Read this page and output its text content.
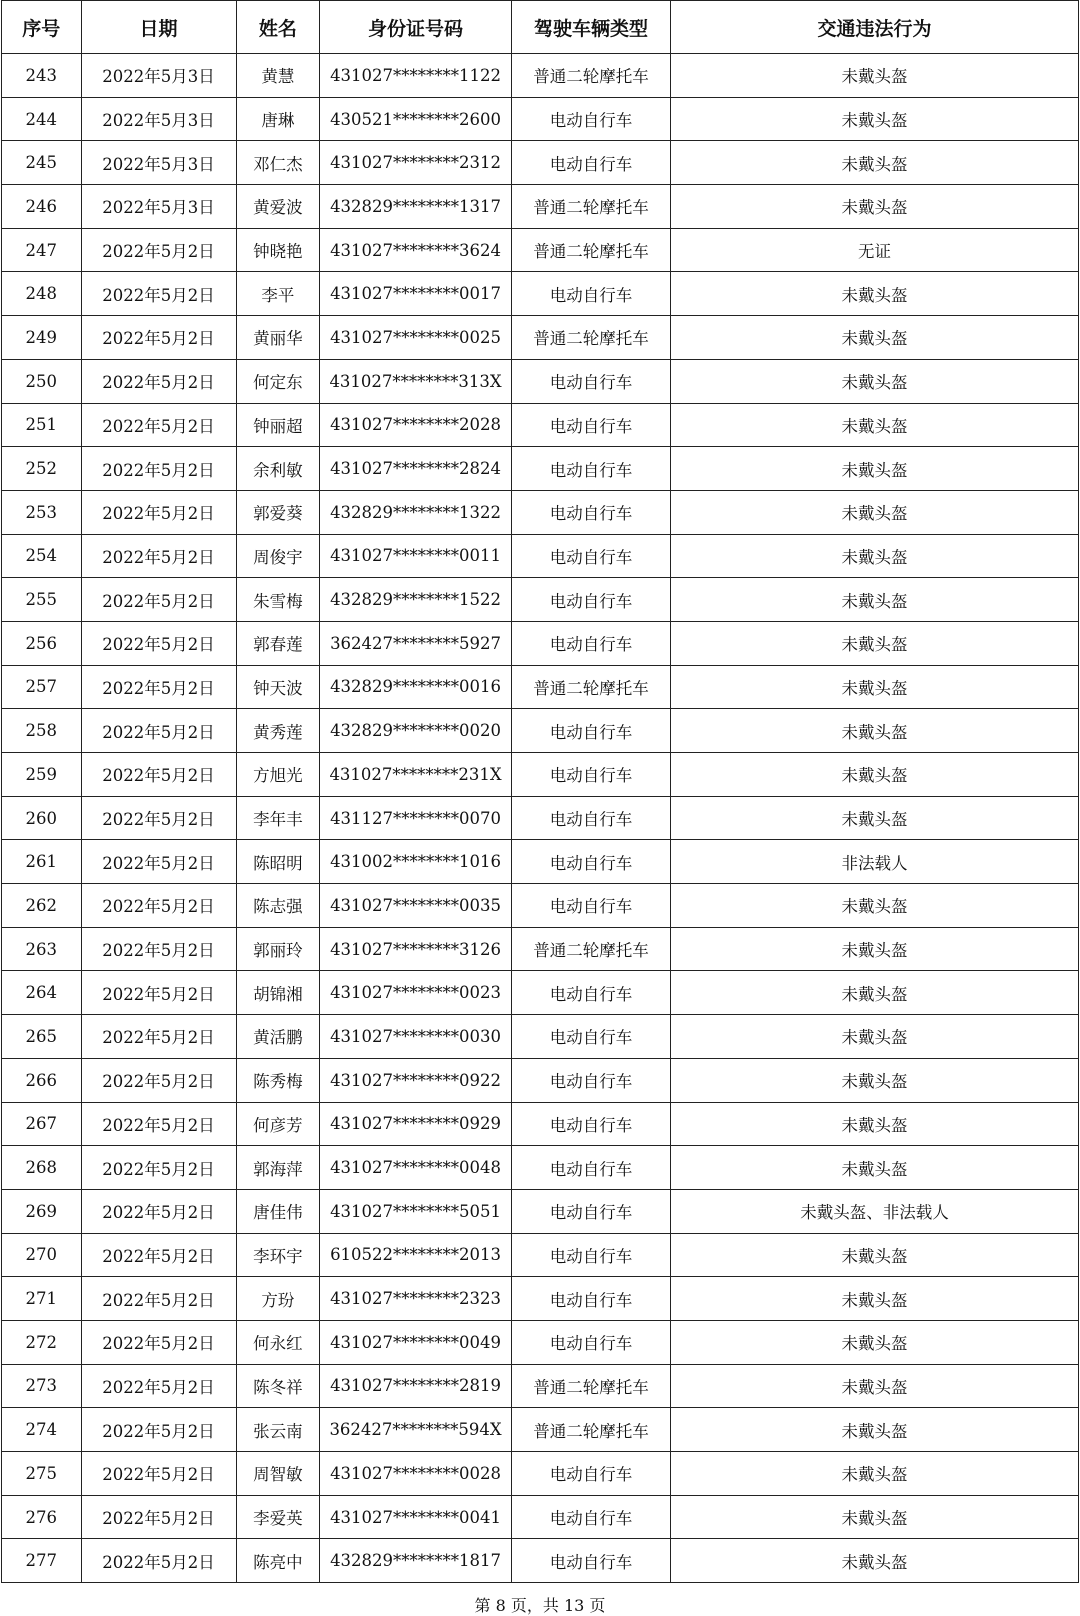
序号	日期	姓名	身份证号码	驾驶车辆类型	交通违法行为
243	2022年5月3日	黄慧	431027********1122	普通二轮摩托车	未戴头盔
244	2022年5月3日	唐琳	430521********2600	电动自行车	未戴头盔
245	2022年5月3日	邓仁杰	431027********2312	电动自行车	未戴头盔
246	2022年5月3日	黄爱波	432829********1317	普通二轮摩托车	未戴头盔
247	2022年5月2日	钟晓艳	431027********3624	普通二轮摩托车	无证
248	2022年5月2日	李平	431027********0017	电动自行车	未戴头盔
249	2022年5月2日	黄丽华	431027********0025	普通二轮摩托车	未戴头盔
250	2022年5月2日	何定东	431027********313X	电动自行车	未戴头盔
251	2022年5月2日	钟丽超	431027********2028	电动自行车	未戴头盔
252	2022年5月2日	余利敏	431027********2824	电动自行车	未戴头盔
253	2022年5月2日	郭爱葵	432829********1322	电动自行车	未戴头盔
254	2022年5月2日	周俊宇	431027********0011	电动自行车	未戴头盔
255	2022年5月2日	朱雪梅	432829********1522	电动自行车	未戴头盔
256	2022年5月2日	郭春莲	362427********5927	电动自行车	未戴头盔
257	2022年5月2日	钟天波	432829********0016	普通二轮摩托车	未戴头盔
258	2022年5月2日	黄秀莲	432829********0020	电动自行车	未戴头盔
259	2022年5月2日	方旭光	431027********231X	电动自行车	未戴头盔
260	2022年5月2日	李年丰	431127********0070	电动自行车	未戴头盔
261	2022年5月2日	陈昭明	431002********1016	电动自行车	非法载人
262	2022年5月2日	陈志强	431027********0035	电动自行车	未戴头盔
263	2022年5月2日	郭丽玲	431027********3126	普通二轮摩托车	未戴头盔
264	2022年5月2日	胡锦湘	431027********0023	电动自行车	未戴头盔
265	2022年5月2日	黄活鹏	431027********0030	电动自行车	未戴头盔
266	2022年5月2日	陈秀梅	431027********0922	电动自行车	未戴头盔
267	2022年5月2日	何彦芳	431027********0929	电动自行车	未戴头盔
268	2022年5月2日	郭海萍	431027********0048	电动自行车	未戴头盔
269	2022年5月2日	唐佳伟	431027********5051	电动自行车	未戴头盔、非法载人
270	2022年5月2日	李环宇	610522********2013	电动自行车	未戴头盔
271	2022年5月2日	方玢	431027********2323	电动自行车	未戴头盔
272	2022年5月2日	何永红	431027********0049	电动自行车	未戴头盔
273	2022年5月2日	陈冬祥	431027********2819	普通二轮摩托车	未戴头盔
274	2022年5月2日	张云南	362427********594X	普通二轮摩托车	未戴头盔
275	2022年5月2日	周智敏	431027********0028	电动自行车	未戴头盔
276	2022年5月2日	李爱英	431027********0041	电动自行车	未戴头盔
277	2022年5月2日	陈亮中	432829********1817	电动自行车	未戴头盔
第 8 页，共 13 页
